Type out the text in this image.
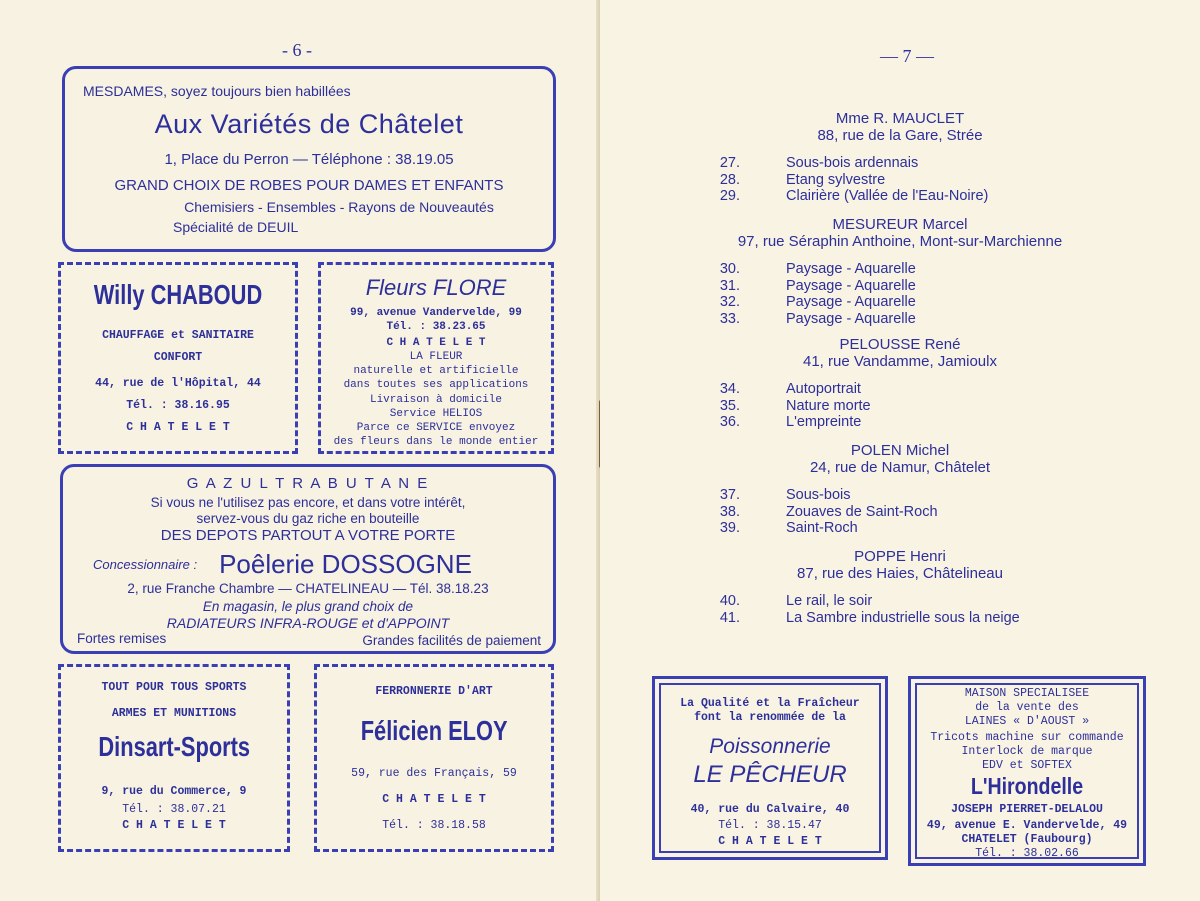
- 6 -
MESDAMES, soyez toujours bien habillées
Aux Variétés de Châtelet
1, Place du Perron — Téléphone : 38.19.05
GRAND CHOIX DE ROBES POUR DAMES ET ENFANTS
Chemisiers - Ensembles - Rayons de Nouveautés
Spécialité de DEUIL
Willy CHABOUD
CHAUFFAGE et SANITAIRE
CONFORT
44, rue de l'Hôpital, 44
Tél. : 38.16.95
C H A T E L E T
Fleurs FLORE
99, avenue Vandervelde, 99
Tél. : 38.23.65
C H A T E L E T
LA FLEUR
naturelle et artificielle
dans toutes ses applications
Livraison à domicile
Service HELIOS
Parce ce SERVICE envoyez
des fleurs dans le monde entier
G A Z U L T R A B U T A N E
Si vous ne l'utilisez pas encore, et dans votre intérêt,
servez-vous du gaz riche en bouteille
DES DEPOTS PARTOUT A VOTRE PORTE
Concessionnaire : Poêlerie DOSSOGNE
2, rue Franche Chambre — CHATELINEAU — Tél. 38.18.23
En magasin, le plus grand choix de
RADIATEURS INFRA-ROUGE et d'APPOINT
Fortes remises	Grandes facilités de paiement
TOUT POUR TOUS SPORTS
ARMES ET MUNITIONS
Dinsart-Sports
9, rue du Commerce, 9
Tél. : 38.07.21
C H A T E L E T
FERRONNERIE D'ART
Félicien ELOY
59, rue des Français, 59
C H A T E L E T
Tél. : 38.18.58
— 7 —
Mme R. MAUCLET
88, rue de la Gare, Strée
27.	Sous-bois ardennais
28.	Etang sylvestre
29.	Clairière (Vallée de l'Eau-Noire)
MESUREUR Marcel
97, rue Séraphin Anthoine, Mont-sur-Marchienne
30.	Paysage - Aquarelle
31.	Paysage - Aquarelle
32.	Paysage - Aquarelle
33.	Paysage - Aquarelle
PELOUSSE René
41, rue Vandamme, Jamioulx
34.	Autoportrait
35.	Nature morte
36.	L'empreinte
POLEN Michel
24, rue de Namur, Châtelet
37.	Sous-bois
38.	Zouaves de Saint-Roch
39.	Saint-Roch
POPPE Henri
87, rue des Haies, Châtelineau
40.	Le rail, le soir
41.	La Sambre industrielle sous la neige
La Qualité et la Fraîcheur
font la renommée de la
Poissonnerie
LE PÊCHEUR
40, rue du Calvaire, 40
Tél. : 38.15.47
C H A T E L E T
MAISON SPECIALISEE
de la vente des
LAINES « D'AOUST »
Tricots machine sur commande
Interlock de marque
EDV et SOFTEX
L'Hirondelle
JOSEPH PIERRET-DELALOU
49, avenue E. Vandervelde, 49
CHATELET (Faubourg)
Tél. : 38.02.66
